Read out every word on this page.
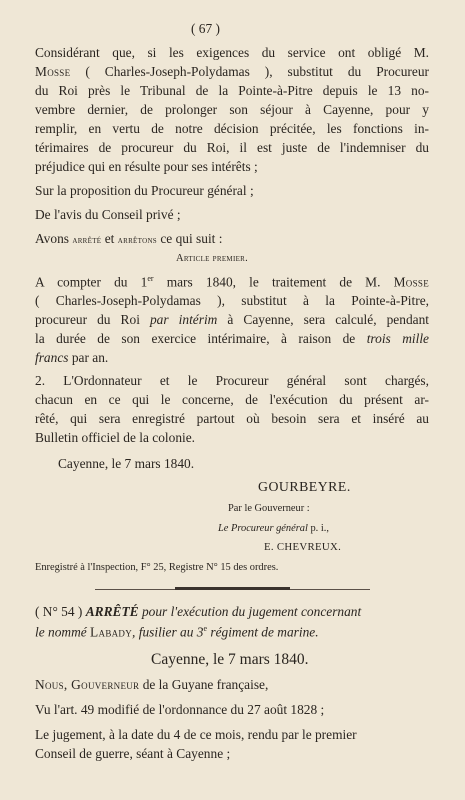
( 67 )
Considérant que, si les exigences du service ont obligé M.
Mosse ( Charles-Joseph-Polydamas ), substitut du Procureur
du Roi près le Tribunal de la Pointe-à-Pitre depuis le 13 no-
vembre dernier, de prolonger son séjour à Cayenne, pour y
remplir, en vertu de notre décision précitée, les fonctions in-
térimaires de procureur du Roi, il est juste de l'indemniser du
préjudice qui en résulte pour ses intérêts ;
Sur la proposition du Procureur général ;
De l'avis du Conseil privé ;
Avons arrêté et arrêtons ce qui suit :
Article premier.
A compter du 1er mars 1840, le traitement de M. Mosse
( Charles-Joseph-Polydamas ), substitut à la Pointe-à-Pitre,
procureur du Roi par intérim à Cayenne, sera calculé, pendant
la durée de son exercice intérimaire, à raison de trois mille
francs par an.
2. L'Ordonnateur et le Procureur général sont chargés,
chacun en ce qui le concerne, de l'exécution du présent ar-
rêté, qui sera enregistré partout où besoin sera et inséré au
Bulletin officiel de la colonie.
Cayenne, le 7 mars 1840.
GOURBEYRE.
Par le Gouverneur :
Le Procureur général p. i.,
E. CHEVREUX.
Enregistré à l'Inspection, F° 25, Registre N° 15 des ordres.
( N° 54 ) ARRÊTÉ pour l'exécution du jugement concernant
le nommé Labady, fusilier au 3e régiment de marine.
Cayenne, le 7 mars 1840.
Nous, Gouverneur de la Guyane française,
Vu l'art. 49 modifié de l'ordonnance du 27 août 1828 ;
Le jugement, à la date du 4 de ce mois, rendu par le premier
Conseil de guerre, séant à Cayenne ;
